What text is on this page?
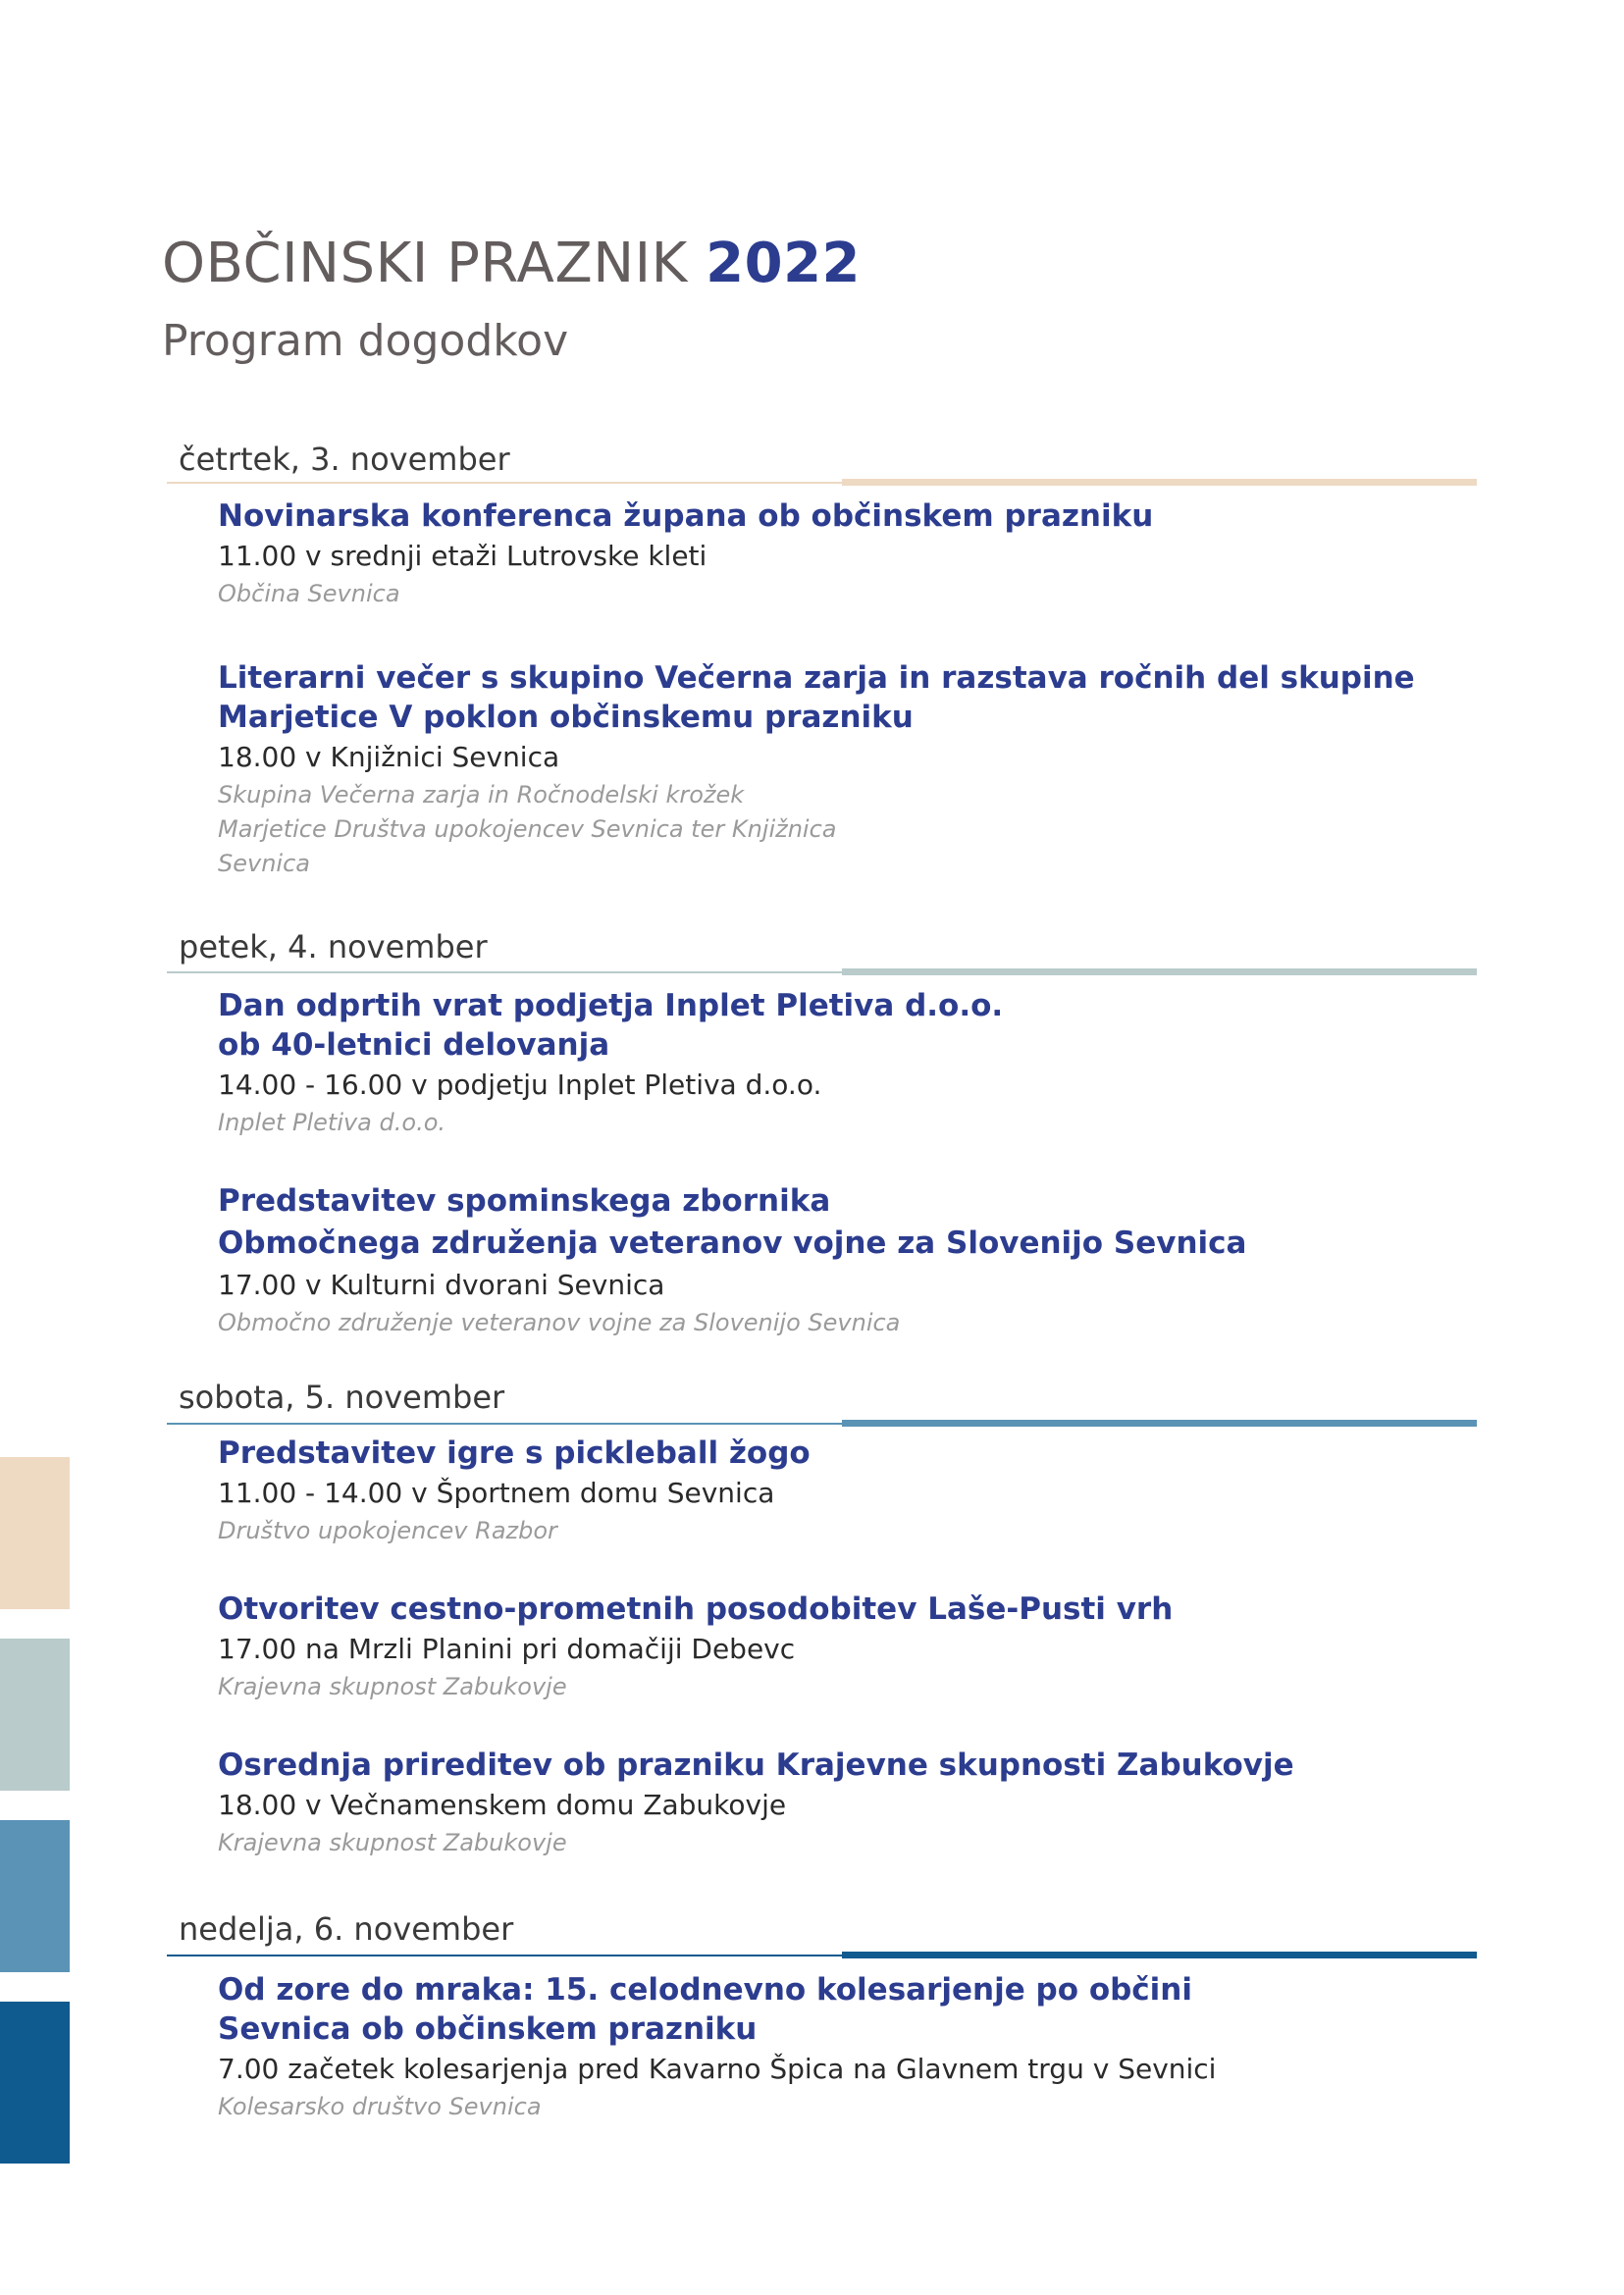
OBČINSKI PRAZNIK 2022
Program dogodkov
četrtek, 3. november
Novinarska konferenca župana ob občinskem prazniku
11.00 v srednji etaži Lutrovske kleti
Občina Sevnica
Literarni večer s skupino Večerna zarja in razstava ročnih del skupine
Marjetice V poklon občinskemu prazniku
18.00 v Knjižnici Sevnica
Skupina Večerna zarja in Ročnodelski krožek
Marjetice Društva upokojencev Sevnica ter Knjižnica
Sevnica
petek, 4. november
Dan odprtih vrat podjetja Inplet Pletiva d.o.o.
ob 40-letnici delovanja
14.00 - 16.00 v podjetju Inplet Pletiva d.o.o.
Inplet Pletiva d.o.o.
Predstavitev spominskega zbornika
Območnega združenja veteranov vojne za Slovenijo Sevnica
17.00 v Kulturni dvorani Sevnica
Območno združenje veteranov vojne za Slovenijo Sevnica
sobota, 5. november
Predstavitev igre s pickleball žogo
11.00 - 14.00 v Športnem domu Sevnica
Društvo upokojencev Razbor
Otvoritev cestno-prometnih posodobitev Laše-Pusti vrh
17.00 na Mrzli Planini pri domačiji Debevc
Krajevna skupnost Zabukovje
Osrednja prireditev ob prazniku Krajevne skupnosti Zabukovje
18.00 v Večnamenskem domu Zabukovje
Krajevna skupnost Zabukovje
nedelja, 6. november
Od zore do mraka: 15. celodnevno kolesarjenje po občini
Sevnica ob občinskem prazniku
7.00 začetek kolesarjenja pred Kavarno Špica na Glavnem trgu v Sevnici
Kolesarsko društvo Sevnica
